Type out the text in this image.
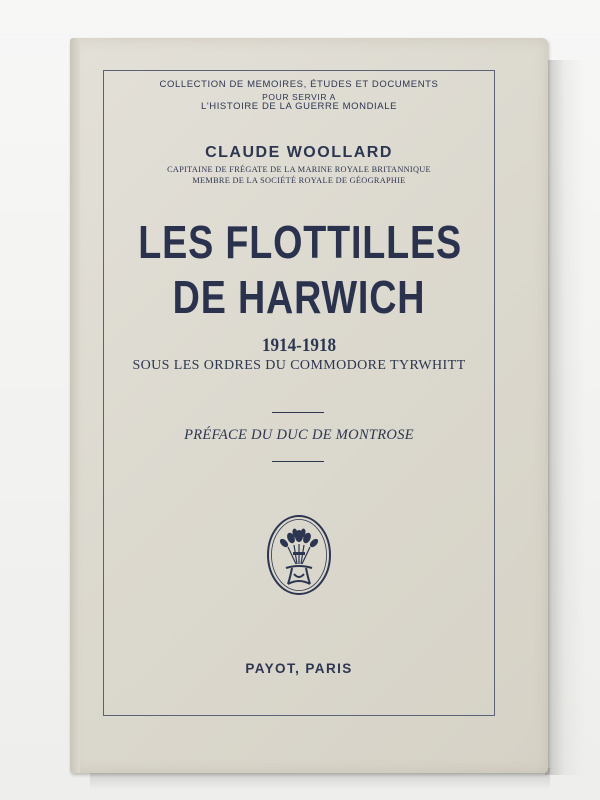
COLLECTION DE MEMOIRES, ÉTUDES ET DOCUMENTS
POUR SERVIR A
L'HISTOIRE DE LA GUERRE MONDIALE
CLAUDE WOOLLARD
CAPITAINE DE FRÉGATE DE LA MARINE ROYALE BRITANNIQUE
MEMBRE DE LA SOCIÉTÉ ROYALE DE GÉOGRAPHIE
LES FLOTTILLES
DE HARWICH
1914-1918
SOUS LES ORDRES DU COMMODORE TYRWHITT
PRÉFACE DU DUC DE MONTROSE
PAYOT, PARIS
